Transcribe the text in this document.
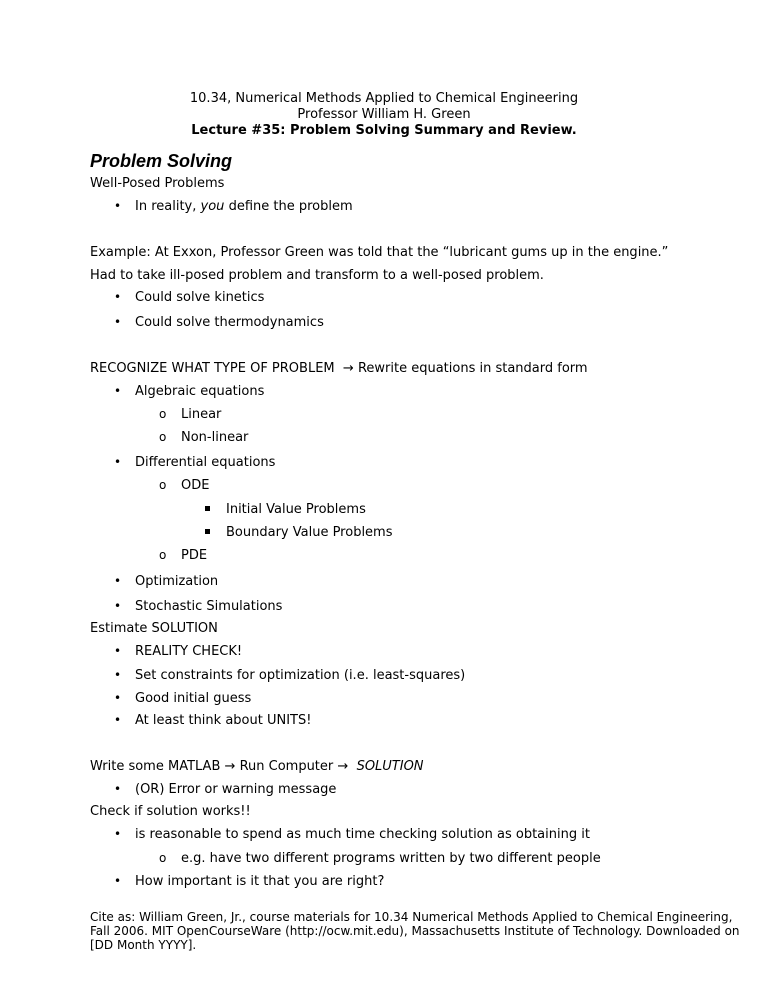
10.34, Numerical Methods Applied to Chemical Engineering
Professor William H. Green
Lecture #35: Problem Solving Summary and Review.
Problem Solving
Well-Posed Problems
• In reality, you define the problem
Example: At Exxon, Professor Green was told that the “lubricant gums up in the engine.”
Had to take ill-posed problem and transform to a well-posed problem.
• Could solve kinetics
• Could solve thermodynamics
RECOGNIZE WHAT TYPE OF PROBLEM → Rewrite equations in standard form
• Algebraic equations
o Linear
o Non-linear
• Differential equations
o ODE
Initial Value Problems
Boundary Value Problems
o PDE
• Optimization
• Stochastic Simulations
Estimate SOLUTION
• REALITY CHECK!
• Set constraints for optimization (i.e. least-squares)
• Good initial guess
• At least think about UNITS!
Write some MATLAB → Run Computer → SOLUTION
• (OR) Error or warning message
Check if solution works!!
• is reasonable to spend as much time checking solution as obtaining it
o e.g. have two different programs written by two different people
• How important is it that you are right?
Cite as: William Green, Jr., course materials for 10.34 Numerical Methods Applied to Chemical Engineering, Fall 2006. MIT OpenCourseWare (http://ocw.mit.edu), Massachusetts Institute of Technology. Downloaded on [DD Month YYYY].
